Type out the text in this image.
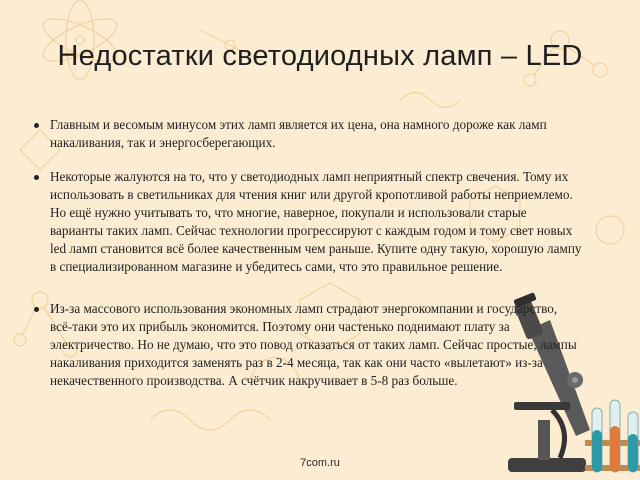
Недостатки светодиодных ламп – LED
Главным и весомым минусом этих ламп является их цена, она намного дороже как ламп накаливания, так и энергосберегающих.
Некоторые жалуются на то, что у светодиодных ламп неприятный спектр свечения. Тому их использовать в светильниках для чтения книг или другой кропотливой работы неприемлемо. Но ещё нужно учитывать то, что многие, наверное, покупали и использовали старые варианты таких ламп. Сейчас технологии прогрессируют с каждым годом и тому свет новых led ламп становится всё более качественным чем раньше. Купите одну такую, хорошую лампу в специализированном магазине и убедитесь сами, что это правильное решение.
Из-за массового использования экономных ламп страдают энергокомпании и государство, всё-таки это их прибыль экономится. Поэтому они частенько поднимают плату за электричество. Но не думаю, что это повод отказаться от таких ламп. Сейчас простые, лампы накаливания приходится заменять раз в 2-4 месяца, так как они часто «вылетают» из-за некачественного производства. А счётчик накручивает в 5-8 раз больше.
7com.ru
